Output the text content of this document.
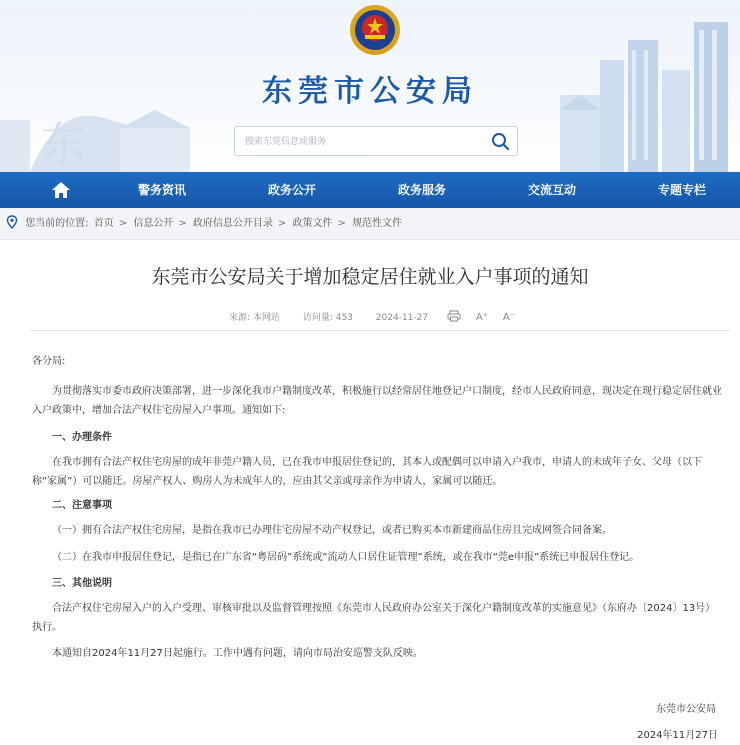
东
东莞市公安局
搜索东莞信息或服务
警务资讯	政务公开	政务服务	交流互动	专题专栏
您当前的位置: 首页 > 信息公开 > 政府信息公开目录 > 政策文件 > 规范性文件
东莞市公安局关于增加稳定居住就业入户事项的通知
来源: 本网站	访问量: 453	2024-11-27	A⁺ A⁻

各分局:

为贯彻落实市委市政府决策部署，进一步深化我市户籍制度改革，积极施行以经常居住地登记户口制度，经市人民政府同意，现决定在现行稳定居住就业入户政策中，增加合法产权住宅房屋入户事项。通知如下:

一、办理条件

在我市拥有合法产权住宅房屋的成年非莞户籍人员，已在我市申报居住登记的，其本人或配偶可以申请入户我市，申请人的未成年子女、父母（以下称“家属”）可以随迁。房屋产权人、购房人为未成年人的，应由其父亲或母亲作为申请人，家属可以随迁。

二、注意事项

（一）拥有合法产权住宅房屋，是指在我市已办理住宅房屋不动产权登记，或者已购买本市新建商品住房且完成网签合同备案。

（二）在我市申报居住登记，是指已在广东省“粤居码”系统或“流动人口居住证管理”系统，或在我市“莞e申报”系统已申报居住登记。

三、其他说明

合法产权住宅房屋入户的入户受理、审核审批以及监督管理按照《东莞市人民政府办公室关于深化户籍制度改革的实施意见》（东府办〔2024〕13号）执行。

本通知自2024年11月27日起施行。工作中遇有问题，请向市局治安巡警支队反映。

东莞市公安局
2024年11月27日
